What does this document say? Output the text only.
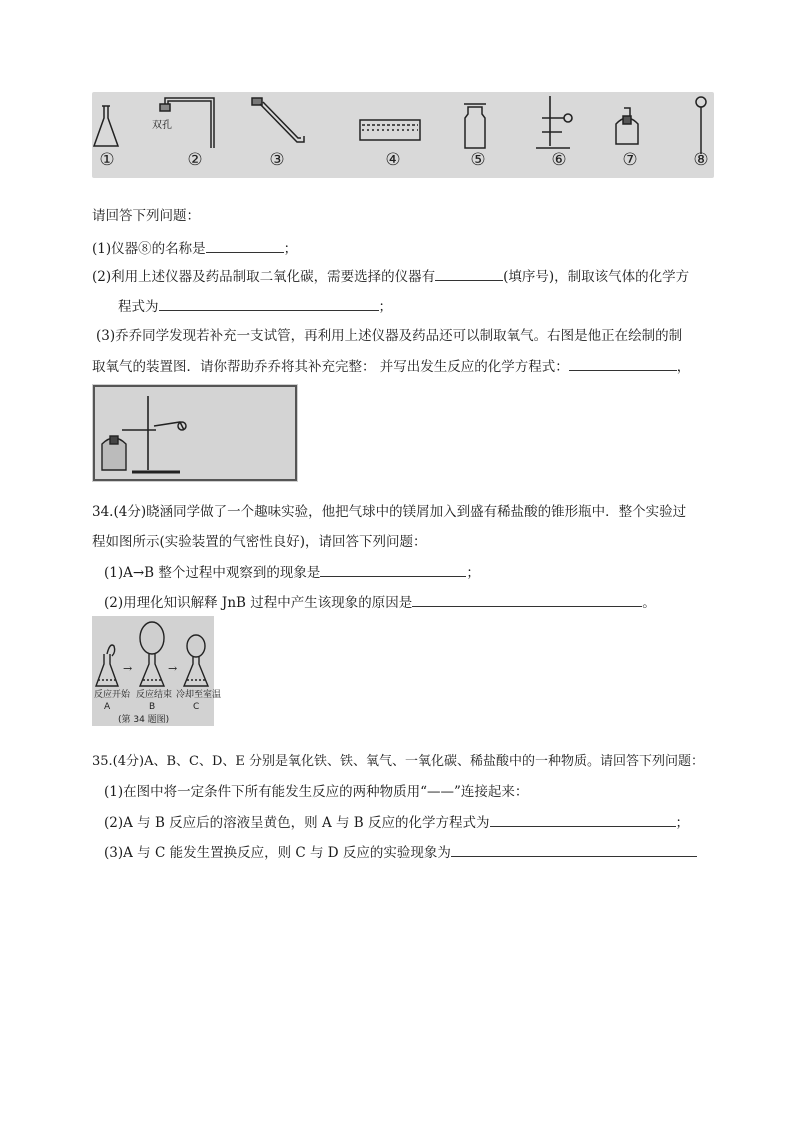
双孔
①	②	③	④	⑤	⑥	⑦	⑧
请回答下列问题：
(1)仪器⑧的名称是	；
(2)利用上述仪器及药品制取二氧化碳，需要选择的仪器有	(填序号)，制取该气体的化学方
程式为	；
(3)乔乔同学发现若补充一支试管，再利用上述仪器及药品还可以制取氧气。右图是他正在绘制的制
取氧气的装置图．请你帮助乔乔将其补充完整： 并写出发生反应的化学方程式：	，
34.(4分)晓涵同学做了一个趣味实验，他把气球中的镁屑加入到盛有稀盐酸的锥形瓶中．整个实验过
程如图所示(实验装置的气密性良好)，请回答下列问题：
(1)A→B 整个过程中观察到的现象是	；
(2)用理化知识解释 JnB 过程中产生该现象的原因是	。
→	→
反应开始 反应结束 冷却至室温
A	B	C
(第 34 题图)
35.(4分)A、B、C、D、E 分别是氧化铁、铁、氧气、一氧化碳、稀盐酸中的一种物质。请回答下列问题：
(1)在图中将一定条件下所有能发生反应的两种物质用“——”连接起来：
(2)A 与 B 反应后的溶液呈黄色，则 A 与 B 反应的化学方程式为	；
(3)A 与 C 能发生置换反应，则 C 与 D 反应的实验现象为
